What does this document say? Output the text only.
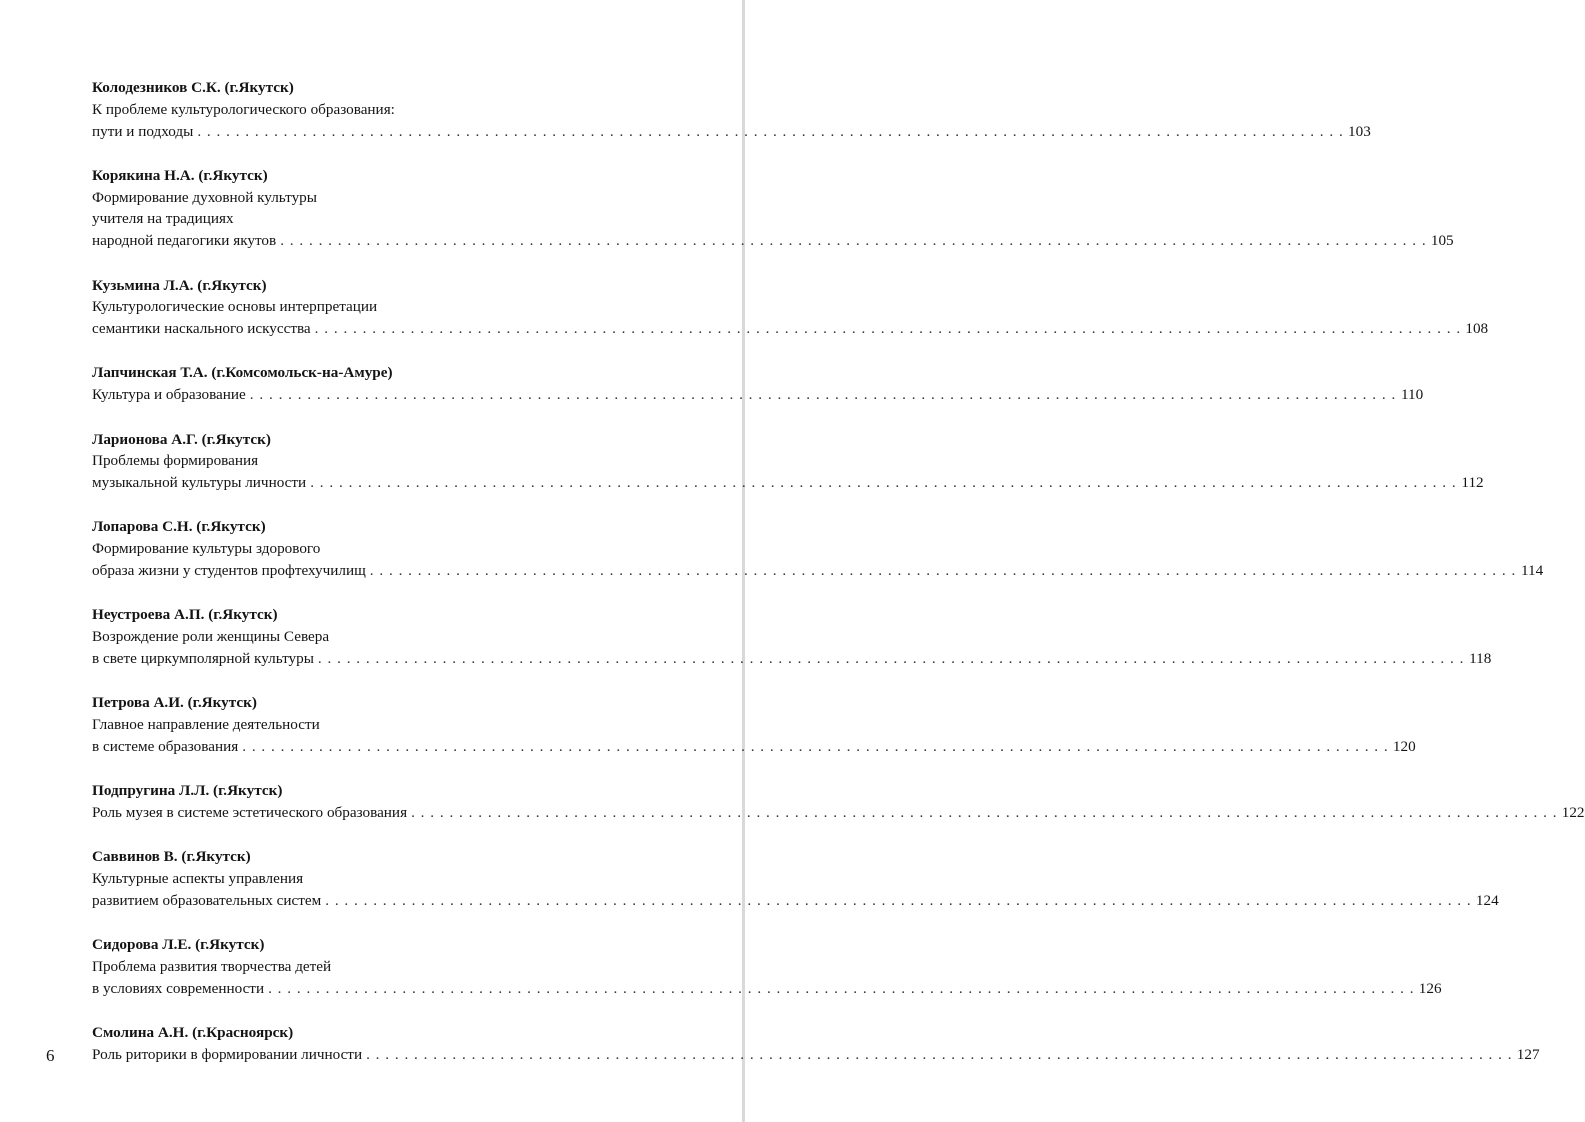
Колодезников С.К. (г.Якутск)
К проблеме культурологического образования:
пути и подходы . . . . . . . . . . . . . . . . . . . . . . . . . . . . . . . . . . . . . . . . . . . . . . . . . . . . . . . . . . . . . . . . . . . . . . . . . . . . . . . . . . . . . . . . . . . . . . . . . . . . . . . . . . . . . . . . . . . . . . . . 103
Корякина Н.А. (г.Якутск)
Формирование духовной культуры
учителя на традициях
народной педагогики якутов . . . . . . . . . . . . . . . . . . . . . . . . . . . . . . . . . . . . . . . . . . . . . . . . . . . . . . . . . . . . . . . . . . . . . . . . . . . . . . . . . . . . . . . . . . . . . . . . . . . . . . . . . . . . . . . . . . . . . . . . 105
Кузьмина Л.А. (г.Якутск)
Культурологические основы интерпретации
семантики наскального искусства . . . . . . . . . . . . . . . . . . . . . . . . . . . . . . . . . . . . . . . . . . . . . . . . . . . . . . . . . . . . . . . . . . . . . . . . . . . . . . . . . . . . . . . . . . . . . . . . . . . . . . . . . . . . . . . . . . . . . . . . 108
Лапчинская Т.А. (г.Комсомольск-на-Амуре)
Культура и образование . . . . . . . . . . . . . . . . . . . . . . . . . . . . . . . . . . . . . . . . . . . . . . . . . . . . . . . . . . . . . . . . . . . . . . . . . . . . . . . . . . . . . . . . . . . . . . . . . . . . . . . . . . . . . . . . . . . . . . . . 110
Ларионова А.Г. (г.Якутск)
Проблемы формирования
музыкальной культуры личности . . . . . . . . . . . . . . . . . . . . . . . . . . . . . . . . . . . . . . . . . . . . . . . . . . . . . . . . . . . . . . . . . . . . . . . . . . . . . . . . . . . . . . . . . . . . . . . . . . . . . . . . . . . . . . . . . . . . . . . . 112
Лопарова С.Н. (г.Якутск)
Формирование культуры здорового
образа жизни у студентов профтехучилищ . . . . . . . . . . . . . . . . . . . . . . . . . . . . . . . . . . . . . . . . . . . . . . . . . . . . . . . . . . . . . . . . . . . . . . . . . . . . . . . . . . . . . . . . . . . . . . . . . . . . . . . . . . . . . . . . . . . . . . . . 114
Неустроева А.П. (г.Якутск)
Возрождение роли женщины Севера
в свете циркумполярной культуры . . . . . . . . . . . . . . . . . . . . . . . . . . . . . . . . . . . . . . . . . . . . . . . . . . . . . . . . . . . . . . . . . . . . . . . . . . . . . . . . . . . . . . . . . . . . . . . . . . . . . . . . . . . . . . . . . . . . . . . . 118
Петрова А.И. (г.Якутск)
Главное направление деятельности
в системе образования . . . . . . . . . . . . . . . . . . . . . . . . . . . . . . . . . . . . . . . . . . . . . . . . . . . . . . . . . . . . . . . . . . . . . . . . . . . . . . . . . . . . . . . . . . . . . . . . . . . . . . . . . . . . . . . . . . . . . . . . 120
Подпругина Л.Л. (г.Якутск)
Роль музея в системе эстетического образования . . . . . . . . . . . . . . . . . . . . . . . . . . . . . . . . . . . . . . . . . . . . . . . . . . . . . . . . . . . . . . . . . . . . . . . . . . . . . . . . . . . . . . . . . . . . . . . . . . . . . . . . . . . . . . . . . . . . . . . . 122
Саввинов В. (г.Якутск)
Культурные аспекты управления
развитием образовательных систем . . . . . . . . . . . . . . . . . . . . . . . . . . . . . . . . . . . . . . . . . . . . . . . . . . . . . . . . . . . . . . . . . . . . . . . . . . . . . . . . . . . . . . . . . . . . . . . . . . . . . . . . . . . . . . . . . . . . . . . . 124
Сидорова Л.Е. (г.Якутск)
Проблема развития творчества детей
в условиях современности . . . . . . . . . . . . . . . . . . . . . . . . . . . . . . . . . . . . . . . . . . . . . . . . . . . . . . . . . . . . . . . . . . . . . . . . . . . . . . . . . . . . . . . . . . . . . . . . . . . . . . . . . . . . . . . . . . . . . . . . 126
Смолина А.Н. (г.Красноярск)
Роль риторики в формировании личности . . . . . . . . . . . . . . . . . . . . . . . . . . . . . . . . . . . . . . . . . . . . . . . . . . . . . . . . . . . . . . . . . . . . . . . . . . . . . . . . . . . . . . . . . . . . . . . . . . . . . . . . . . . . . . . . . . . . . . . . 127
6
